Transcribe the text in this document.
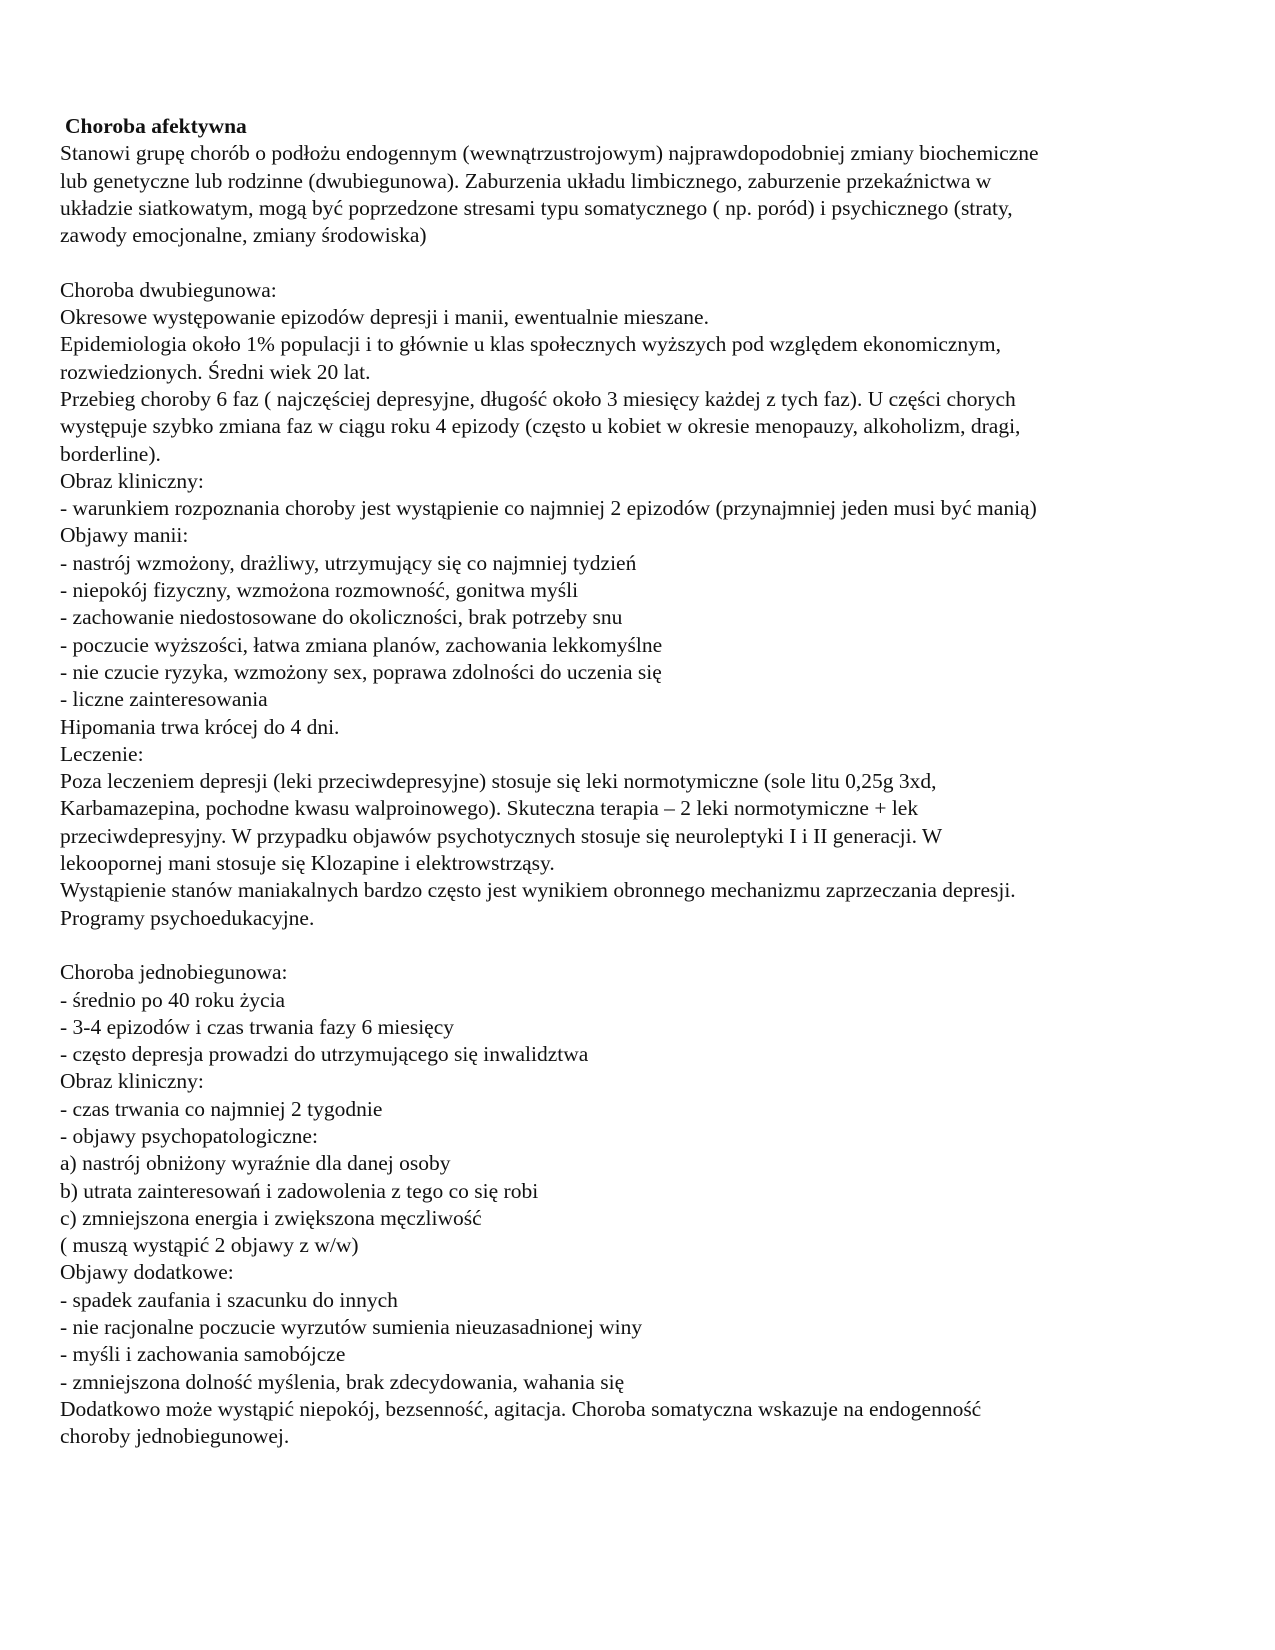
Choroba afektywna
Stanowi grupę chorób o podłożu endogennym (wewnątrzustrojowym) najprawdopodobniej zmiany biochemiczne
lub genetyczne lub rodzinne (dwubiegunowa). Zaburzenia układu limbicznego, zaburzenie przekaźnictwa w
układzie siatkowatym, mogą być poprzedzone stresami typu somatycznego ( np. poród) i psychicznego (straty,
zawody emocjonalne, zmiany środowiska)
Choroba dwubiegunowa:
Okresowe występowanie epizodów depresji i manii, ewentualnie mieszane.
Epidemiologia około 1% populacji i to głównie u klas społecznych wyższych pod względem ekonomicznym,
rozwiedzionych. Średni wiek 20 lat.
Przebieg choroby 6 faz ( najczęściej depresyjne, długość około 3 miesięcy każdej z tych faz). U części chorych
występuje szybko zmiana faz w ciągu roku 4 epizody (często u kobiet w okresie menopauzy, alkoholizm, dragi,
borderline).
Obraz kliniczny:
- warunkiem rozpoznania choroby jest wystąpienie co najmniej 2 epizodów (przynajmniej jeden musi być manią)
Objawy manii:
- nastrój wzmożony, drażliwy, utrzymujący się co najmniej tydzień
- niepokój fizyczny, wzmożona rozmowność, gonitwa myśli
- zachowanie niedostosowane do okoliczności, brak potrzeby snu
- poczucie wyższości, łatwa zmiana planów, zachowania lekkomyślne
- nie czucie ryzyka, wzmożony sex, poprawa zdolności do uczenia się
- liczne zainteresowania
Hipomania trwa krócej do 4 dni.
Leczenie:
Poza leczeniem depresji (leki przeciwdepresyjne) stosuje się leki normotymiczne (sole litu 0,25g 3xd,
Karbamazepina, pochodne kwasu walproinowego). Skuteczna terapia – 2 leki normotymiczne + lek
przeciwdepresyjny. W przypadku objawów psychotycznych stosuje się neuroleptyki I i II generacji. W
lekoopornej mani stosuje się Klozapine i elektrowstrząsy.
Wystąpienie stanów maniakalnych bardzo często jest wynikiem obronnego mechanizmu zaprzeczania depresji.
Programy psychoedukacyjne.
Choroba jednobiegunowa:
- średnio po 40 roku życia
- 3-4 epizodów i czas trwania fazy 6 miesięcy
- często depresja prowadzi do utrzymującego się inwalidztwa
Obraz kliniczny:
- czas trwania co najmniej 2 tygodnie
- objawy psychopatologiczne:
a) nastrój obniżony wyraźnie dla danej osoby
b) utrata zainteresowań i zadowolenia z tego co się robi
c) zmniejszona energia i zwiększona męczliwość
( muszą wystąpić 2 objawy z w/w)
Objawy dodatkowe:
- spadek zaufania i szacunku do innych
- nie racjonalne poczucie wyrzutów sumienia nieuzasadnionej winy
- myśli i zachowania samobójcze
- zmniejszona dolność myślenia, brak zdecydowania, wahania się
Dodatkowo może wystąpić niepokój, bezsenność, agitacja. Choroba somatyczna wskazuje na endogenność
choroby jednobiegunowej.
